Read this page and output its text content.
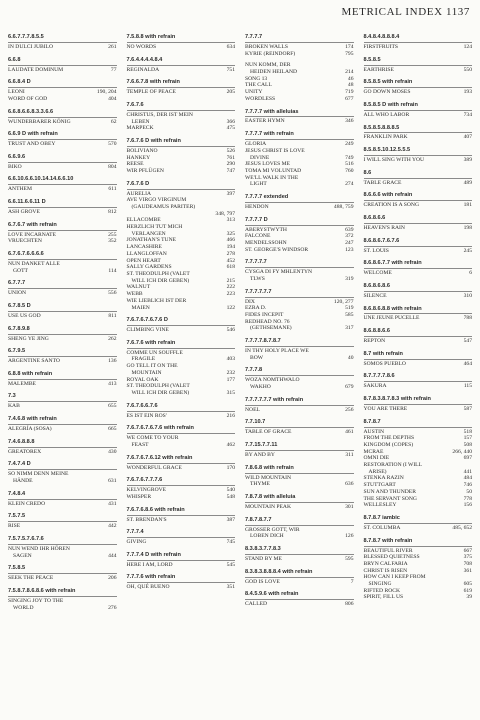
METRICAL INDEX 1137
6.6.7.7.7.8.5.5
IN DULCI JUBILO	261
6.6.8
LAUDATE DOMINUM	77
6.6.8.4 D
LEONI	190, 204
WORD OF GOD	404
6.6.8.6.6.8.3.3.6.6
WUNDERBARER KÖNIG	62
6.6.9 D with refrain
TRUST AND OBEY	570
6.6.9.6
BIKO	804
6.6.10.6.6.10.14.14.6.6.10
ANTHEM	611
6.6.11.6.6.11 D
ASH GROVE	812
6.7.6.7 with refrain
LOVE INCARNATE	255
VRUECHTEN	352
6.7.6.7.6.6.6.6
NUN DANKET ALLE
GOTT	114
6.7.7.7
UNION	556
6.7.8.5 D
USE US GOD	811
6.7.8.9.8
SHENG YE JING	262
6.7.9.5
ARGENTINE SANTO	136
6.8.8 with refrain
MALEMBE	413
7.3
KAB	655
7.4.6.8 with refrain
ALEGRÍA (SOSA)	665
7.4.6.8.8.8
GREATOREX	430
7.4.7.4 D
SO NIMM DENN MEINE
HÄNDE	631
7.4.8.4
KLEIN CREDO	431
7.5.7.5
RISE	442
7.5.7.5.7.6.7.6
NUN WEND IHR HÖREN
SAGEN	444
7.5.8.5
SEEK THE PEACE	206
7.5.8.7.8.6.8.6 with refrain
SINGING JOY TO THE
WORLD	276
7.5.8.8 with refrain
NO WORDS	634
7.6.4.4.4.4.8.4
REGINALDA	751
7.6.6.7.8 with refrain
TEMPLE OF PEACE	205
7.6.7.6
CHRISTUS, DER IST MEIN
LEBEN	366
MARPECK	475
7.6.7.6 D with refrain
BOLIVIANO	526
HANKEY	761
REESE	290
WIR PFLÜGEN	747
7.6.7.6 D
AURELIA	397
AVE VIRGO VIRGINUM
(GAUDEAMUS PARITER)
348, 797
ELLACOMBE	313
HERZLICH TUT MICH
VERLANGEN	325
JONATHAN'S TUNE	466
LANCASHIRE	194
LLANGLOFFAN	278
OPEN HEART	452
SALLY GARDENS	618
ST. THEODULPH (VALET
WILL ICH DIR GEBEN)	215
WALNUT	222
WEBB	223
WIE LIEBLICH IST DER
MAIEN	122
7.6.7.6.7.6.7.6 D
CLIMBING VINE	546
7.6.7.6 with refrain
COMME UN SOUFFLE
FRAGILE	403
GO TELL IT ON THE
MOUNTAIN	232
ROYAL OAK	177
ST. THEODULPH (VALET
WILL ICH DIR GEBEN)	315
7.6.7.6.6.7.6
ES IST EIN ROS'	216
7.6.7.6.7.6.7.6 with refrain
WE COME TO YOUR
FEAST	462
7.6.7.6.7.6.12 with refrain
WONDERFUL GRACE	170
7.6.7.6.7.7.7.6
KELVINGROVE	540
WHISPER	548
7.6.7.6.8.6 with refrain
ST. BRENDAN'S	387
7.7.7.4
GIVING	745
7.7.7.4 D with refrain
HERE I AM, LORD	545
7.7.7.6 with refrain
OH, QUÉ BUENO	351
7.7.7.7
BROKEN WALLS	174
KYRIE (REINDORF)	795
NUN KOMM, DER
HEIDEN HEILAND	214
SONG 13	46
THE CALL	48
UNITY	719
WORDLESS	677
7.7.7.7 with alleluias
EASTER HYMN	346
7.7.7.7 with refrain
GLORIA	249
JESUS CHRIST IS LOVE
DIVINE	749
JESUS LOVES ME	516
TOMA MI VOLUNTAD	760
WE'LL WALK IN THE
LIGHT	274
7.7.7.7 extended
HENDON	488, 759
7.7.7.7 D
ABERYSTWYTH	639
FALCONE	372
MENDELSSOHN	247
ST. GEORGE'S WINDSOR	123
7.7.7.7.7
CYSGA DI FY MHLENTYN
TLWS	319
7.7.7.7.7.7
DIX	120, 277
EZRA D.	519
FIDES INCEPIT	585
REDHEAD NO. 76
(GETHSEMANE)	317
7.7.7.7.8.7.8.7
IN THY HOLY PLACE WE
BOW	40
7.7.7.8
WOZA NOMTHWALO
WAKHO	679
7.7.7.7.7.7 with refrain
NOEL	256
7.7.10.7
TABLE OF GRACE	461
7.7.15.7.7.11
BY AND BY	311
7.8.6.8 with refrain
WILD MOUNTAIN
THYME	636
7.8.7.8 with alleluia
MOUNTAIN PEAK	301
7.8.7.8.7.7
GROSSER GOTT, WIR
LOBEN DICH	126
8.3.8.3.7.7.8.3
STAND BY ME	595
8.3.8.3.8.8.8.4 with refrain
GOD IS LOVE	7
8.4.5.9.6 with refrain
CALLED	806
8.4.8.4.8.8.8.4
FIRSTFRUITS	124
8.5.8.5
EARTHRISE	550
8.5.8.5 with refrain
GO DOWN MOSES	193
8.5.8.5 D with refrain
ALL WHO LABOR	734
8.5.8.5.8.8.8.5
FRANKLIN PARK	407
8.5.8.5.10.12.5.5.5
I WILL SING WITH YOU	389
8.6
TABLE GRACE	489
8.6.6.6 with refrain
CREATION IS A SONG	181
8.6.8.6.6
HEAVEN'S RAIN	198
8.6.8.6.7.6.7.6
ST. LOUIS	245
8.6.8.6.7.7 with refrain
WELCOME	6
8.6.8.6.8.6
SILENCE	310
8.6.8.6.8.8 with refrain
UNE JEUNE PUCELLE	788
8.6.8.8.6.6
REPTON	547
8.7 with refrain
SOMOS PUEBLO	464
8.7.7.7.7.8.6
SAKURA	115
8.7.8.3.8.7.8.3 with refrain
YOU ARE THERE	587
8.7.8.7
AUSTIN	518
FROM THE DEPTHS	157
KINGDOM (COPES)	508
MCRAE	266, 440
OMNI DIE	697
RESTORATION (I WILL
ARISE)	441
STENKA RAZIN	484
STUTTGART	746
SUN AND THUNDER	50
THE SERVANT SONG	778
WELLESLEY	156
8.7.8.7 iambic
ST. COLUMBA	485, 652
8.7.8.7 with refrain
BEAUTIFUL RIVER	667
BLESSED QUIETNESS	375
BRYN CALFARIA	708
CHRIST IS RISEN	361
HOW CAN I KEEP FROM
SINGING	605
RIFTED ROCK	619
SPIRIT, FILL US	39
